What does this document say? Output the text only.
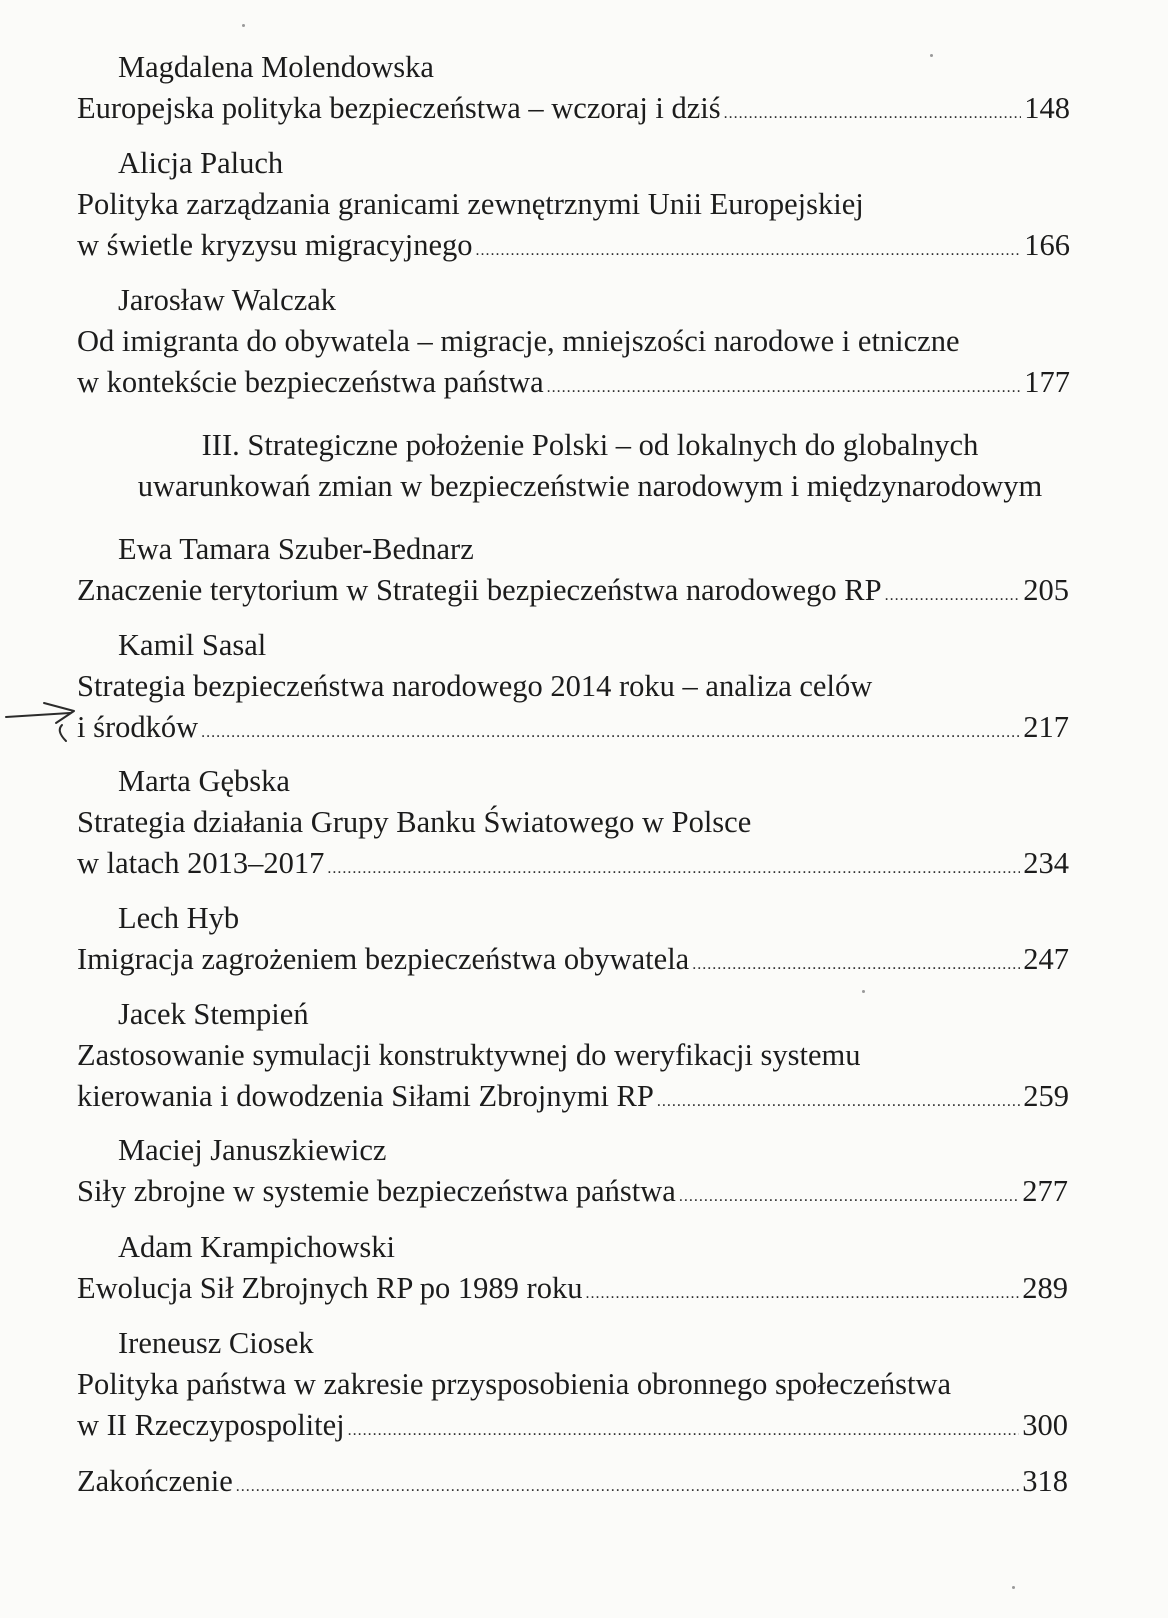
Magdalena Molendowska
Europejska polityka bezpieczeństwa – wczoraj i dziś .....	148
Alicja Paluch
Polityka zarządzania granicami zewnętrznymi Unii Europejskiej
w świetle kryzysu migracyjnego .....	166
Jarosław Walczak
Od imigranta do obywatela – migracje, mniejszości narodowe i etniczne
w kontekście bezpieczeństwa państwa .....	177
III. Strategiczne położenie Polski – od lokalnych do globalnych
uwarunkowań zmian w bezpieczeństwie narodowym i międzynarodowym
Ewa Tamara Szuber-Bednarz
Znaczenie terytorium w Strategii bezpieczeństwa narodowego RP .....	205
Kamil Sasal
Strategia bezpieczeństwa narodowego 2014 roku – analiza celów
i środków .....	217
Marta Gębska
Strategia działania Grupy Banku Światowego w Polsce
w latach 2013–2017 .....	234
Lech Hyb
Imigracja zagrożeniem bezpieczeństwa obywatela .....	247
Jacek Stempień
Zastosowanie symulacji konstruktywnej do weryfikacji systemu
kierowania i dowodzenia Siłami Zbrojnymi RP .....	259
Maciej Januszkiewicz
Siły zbrojne w systemie bezpieczeństwa państwa .....	277
Adam Krampichowski
Ewolucja Sił Zbrojnych RP po 1989 roku .....	289
Ireneusz Ciosek
Polityka państwa w zakresie przysposobienia obronnego społeczeństwa
w II Rzeczypospolitej .....	300
Zakończenie .....	318
